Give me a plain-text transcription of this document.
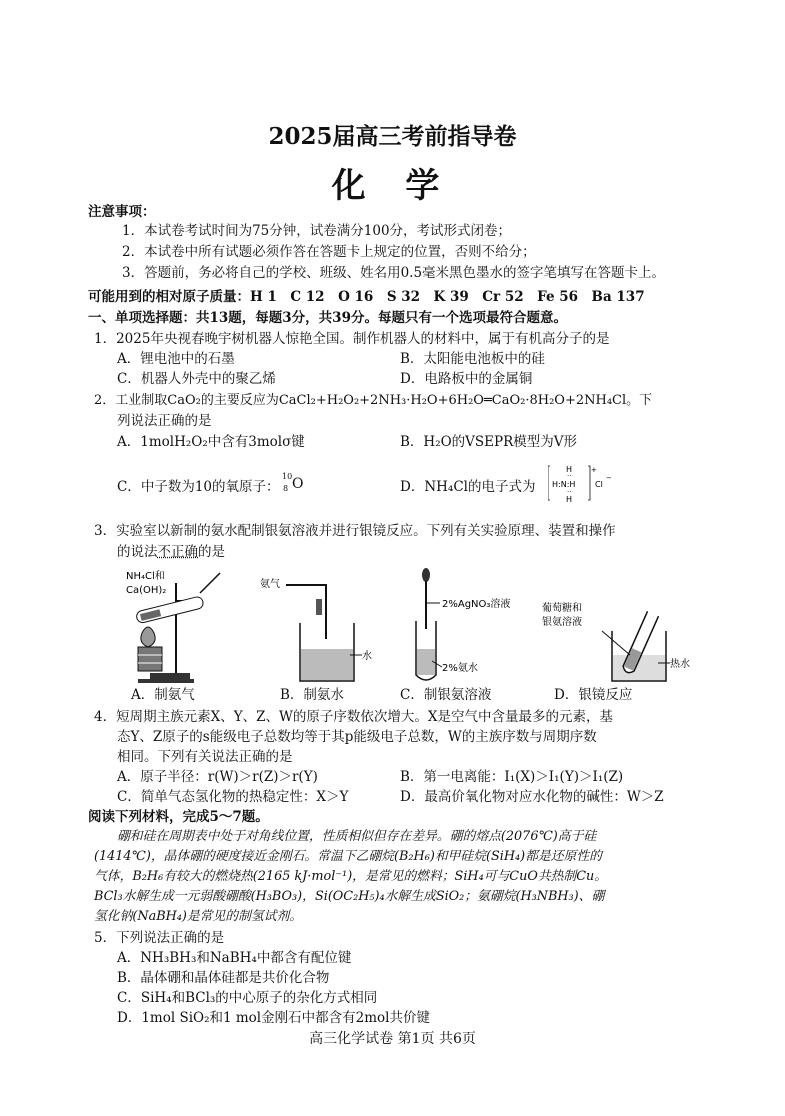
2025届高三考前指导卷
化 学
注意事项：
1．本试卷考试时间为75分钟，试卷满分100分，考试形式闭卷；
2．本试卷中所有试题必须作答在答题卡上规定的位置，否则不给分；
3．答题前，务必将自己的学校、班级、姓名用0.5毫米黑色墨水的签字笔填写在答题卡上。
可能用到的相对原子质量：H 1　C 12　O 16　S 32　K 39　Cr 52　Fe 56　Ba 137
一、单项选择题：共13题，每题3分，共39分。每题只有一个选项最符合题意。
1．2025年央视春晚宇树机器人惊艳全国。制作机器人的材料中，属于有机高分子的是
A．锂电池中的石墨	B．太阳能电池板中的硅
C．机器人外壳中的聚乙烯	D．电路板中的金属铜
2．工业制取CaO₂的主要反应为CaCl₂+H₂O₂+2NH₃·H₂O+6H₂O═CaO₂·8H₂O+2NH₄Cl。下
列说法正确的是
A．1molH₂O₂中含有3molσ键	B．H₂O的VSEPR模型为V形
C．中子数为10的氧原子：
10
8 O	D．NH₄Cl的电子式为
H
··
H:N:H
··
H
+
Cl
−
3．实验室以新制的氨水配制银氨溶液并进行银镜反应。下列有关实验原理、装置和操作
的说法不正确的是
NH₄Cl和
Ca(OH)₂
氨气
水
2%AgNO₃溶液
2%氨水
葡萄糖和
银氨溶液
热水
A．制氨气	B．制氨水	C．制银氨溶液	D．银镜反应
4．短周期主族元素X、Y、Z、W的原子序数依次增大。X是空气中含量最多的元素，基
态Y、Z原子的s能级电子总数均等于其p能级电子总数，W的主族序数与周期序数
相同。下列有关说法正确的是
A．原子半径：r(W)＞r(Z)＞r(Y)	B．第一电离能：I₁(X)＞I₁(Y)＞I₁(Z)
C．简单气态氢化物的热稳定性：X＞Y	D．最高价氧化物对应水化物的碱性：W＞Z
阅读下列材料，完成5～7题。
硼和硅在周期表中处于对角线位置，性质相似但存在差异。硼的熔点(2076℃)高于硅
(1414℃)，晶体硼的硬度接近金刚石。常温下乙硼烷(B₂H₆)和甲硅烷(SiH₄)都是还原性的
气体，B₂H₆有较大的燃烧热(2165 kJ·mol⁻¹)，是常见的燃料；SiH₄可与CuO共热制Cu。
BCl₃水解生成一元弱酸硼酸(H₃BO₃)，Si(OC₂H₅)₄水解生成SiO₂；氨硼烷(H₃NBH₃)、硼
氢化钠(NaBH₄)是常见的制氢试剂。
5．下列说法正确的是
A．NH₃BH₃和NaBH₄中都含有配位键
B．晶体硼和晶体硅都是共价化合物
C．SiH₄和BCl₃的中心原子的杂化方式相同
D．1mol SiO₂和1 mol金刚石中都含有2mol共价键
高三化学试卷 第1页 共6页
